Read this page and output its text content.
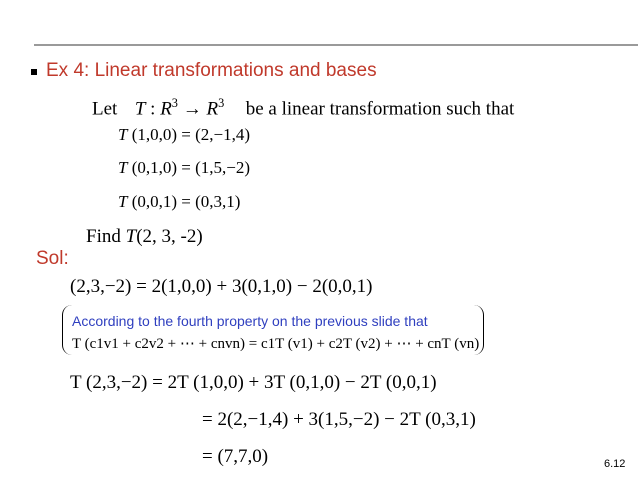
Ex 4: Linear transformations and bases
Let T : $R^3 \to R^3$ be a linear transformation such that
T (1,0,0) = (2,−1,4)
T (0,1,0) = (1,5,−2)
T (0,0,1) = (0,3,1)
Find T(2, 3, -2)
Sol:
(2,3,−2) = 2(1,0,0) + 3(0,1,0) − 2(0,0,1)
According to the fourth property on the previous slide that
T (c1v1 + c2v2 + ⋯ + cnvn) = c1T (v1) + c2T (v2) + ⋯ + cnT (vn)
T (2,3,−2) = 2T (1,0,0) + 3T (0,1,0) − 2T (0,0,1)
= 2(2,−1,4) + 3(1,5,−2) − 2T (0,3,1)
= (7,7,0)	6.12
